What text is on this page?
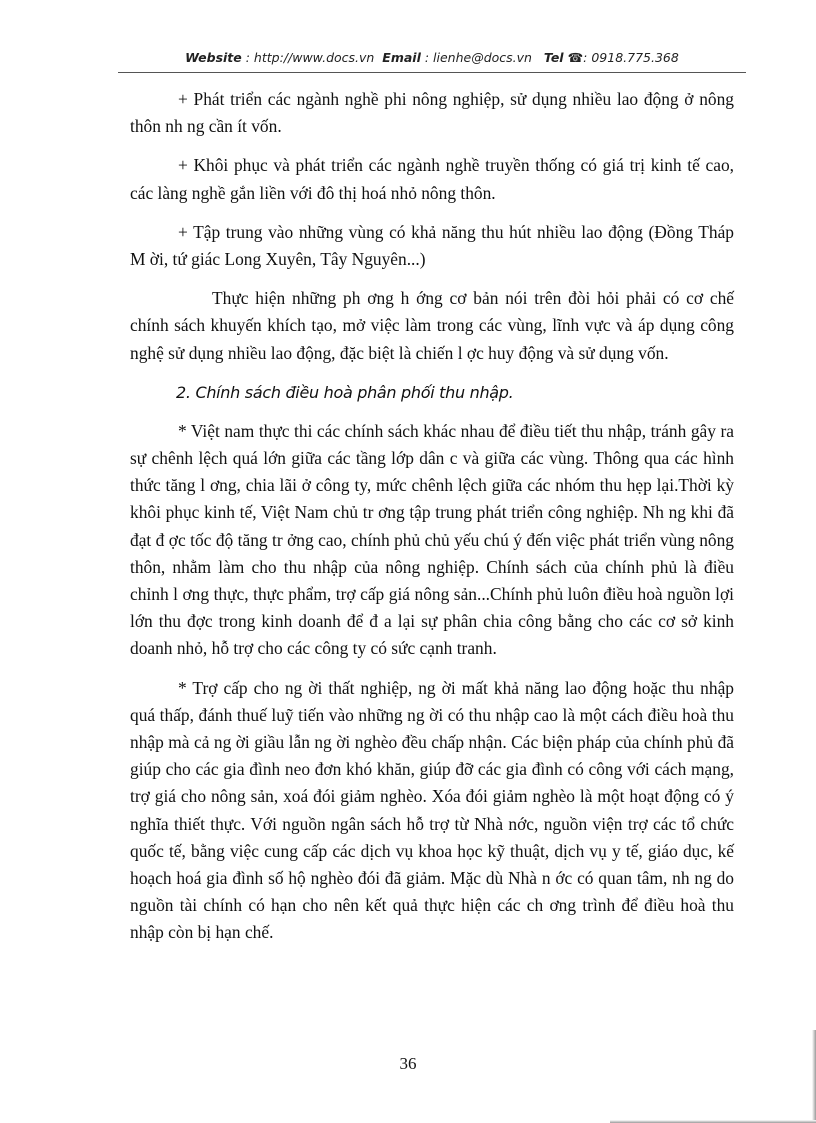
Website : http://www.docs.vn Email : lienhe@docs.vn Tel ☎: 0918.775.368

+ Phát triển các ngành nghề phi nông nghiệp, sử dụng nhiều lao động ở nông thôn nh ng cần ít vốn.

+ Khôi phục và phát triển các ngành nghề truyền thống có giá trị kinh tế cao, các làng nghề gắn liền với đô thị hoá nhỏ nông thôn.

+ Tập trung vào những vùng có khả năng thu hút nhiều lao động (Đồng Tháp M ời, tứ giác Long Xuyên, Tây Nguyên...)

Thực hiện những ph ơng h ớng cơ bản nói trên đòi hỏi phải có cơ chế chính sách khuyến khích tạo, mở việc làm trong các vùng, lĩnh vực và áp dụng công nghệ sử dụng nhiều lao động, đặc biệt là chiến l ợc huy động và sử dụng vốn.

2. Chính sách điều hoà phân phối thu nhập.

* Việt nam thực thi các chính sách khác nhau để điều tiết thu nhập, tránh gây ra sự chênh lệch quá lớn giữa các tầng lớp dân c và giữa các vùng. Thông qua các hình thức tăng l ơng, chia lãi ở công ty, mức chênh lệch giữa các nhóm thu hẹp lại.Thời kỳ khôi phục kinh tế, Việt Nam chủ tr ơng tập trung phát triển công nghiệp. Nh ng khi đã đạt đ ợc tốc độ tăng tr ởng cao, chính phủ chủ yếu chú ý đến việc phát triển vùng nông thôn, nhằm làm cho thu nhập của nông nghiệp. Chính sách của chính phủ là điều chỉnh l ơng thực, thực phẩm, trợ cấp giá nông sản...Chính phủ luôn điều hoà nguồn lợi lớn thu đợc trong kinh doanh để đ a lại sự phân chia công bằng cho các cơ sở kinh doanh nhỏ, hỗ trợ cho các công ty có sức cạnh tranh.

* Trợ cấp cho ng ời thất nghiệp, ng ời mất khả năng lao động hoặc thu nhập quá thấp, đánh thuế luỹ tiến vào những ng ời có thu nhập cao là một cách điều hoà thu nhập mà cả ng ời giầu lẫn ng ời nghèo đều chấp nhận. Các biện pháp của chính phủ đã giúp cho các gia đình neo đơn khó khăn, giúp đỡ các gia đình có công với cách mạng, trợ giá cho nông sản, xoá đói giảm nghèo. Xóa đói giảm nghèo là một hoạt động có ý nghĩa thiết thực. Với nguồn ngân sách hỗ trợ từ Nhà nớc, nguồn viện trợ các tổ chức quốc tế, bằng việc cung cấp các dịch vụ khoa học kỹ thuật, dịch vụ y tế, giáo dục, kế hoạch hoá gia đình số hộ nghèo đói đã giảm. Mặc dù Nhà n ớc có quan tâm, nh ng do nguồn tài chính có hạn cho nên kết quả thực hiện các ch ơng trình để điều hoà thu nhập còn bị hạn chế.

36
